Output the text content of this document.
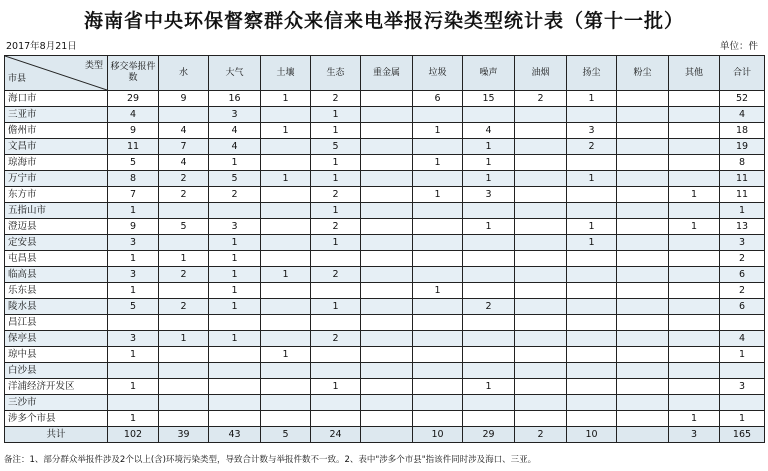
海南省中央环保督察群众来信来电举报污染类型统计表（第十一批）
2017年8月21日	单位：件
类型
市县	移交举报件数	水	大气	土壤	生态	重金属	垃圾	噪声	油烟	扬尘	粉尘	其他	合计
海口市	29	9	16	1	2		6	15	2	1			52
三亚市	4		3		1								4
儋州市	9	4	4	1	1		1	4		3			18
文昌市	11	7	4		5			1		2			19
琼海市	5	4	1		1		1	1					8
万宁市	8	2	5	1	1			1		1			11
东方市	7	2	2		2		1	3				1	11
五指山市	1				1								1
澄迈县	9	5	3		2			1		1		1	13
定安县	3		1		1					1			3
屯昌县	1	1	1										2
临高县	3	2	1	1	2								6
乐东县	1		1				1						2
陵水县	5	2	1		1			2					6
昌江县													
保亭县	3	1	1		2								4
琼中县	1			1									1
白沙县													
洋浦经济开发区	1				1			1					3
三沙市													
涉多个市县	1											1	1
共计	102	39	43	5	24		10	29	2	10		3	165
备注：1、部分群众举报件涉及2个以上(含)环境污染类型，导致合计数与举报件数不一致。2、表中"涉多个市县"指该件同时涉及海口、三亚。
